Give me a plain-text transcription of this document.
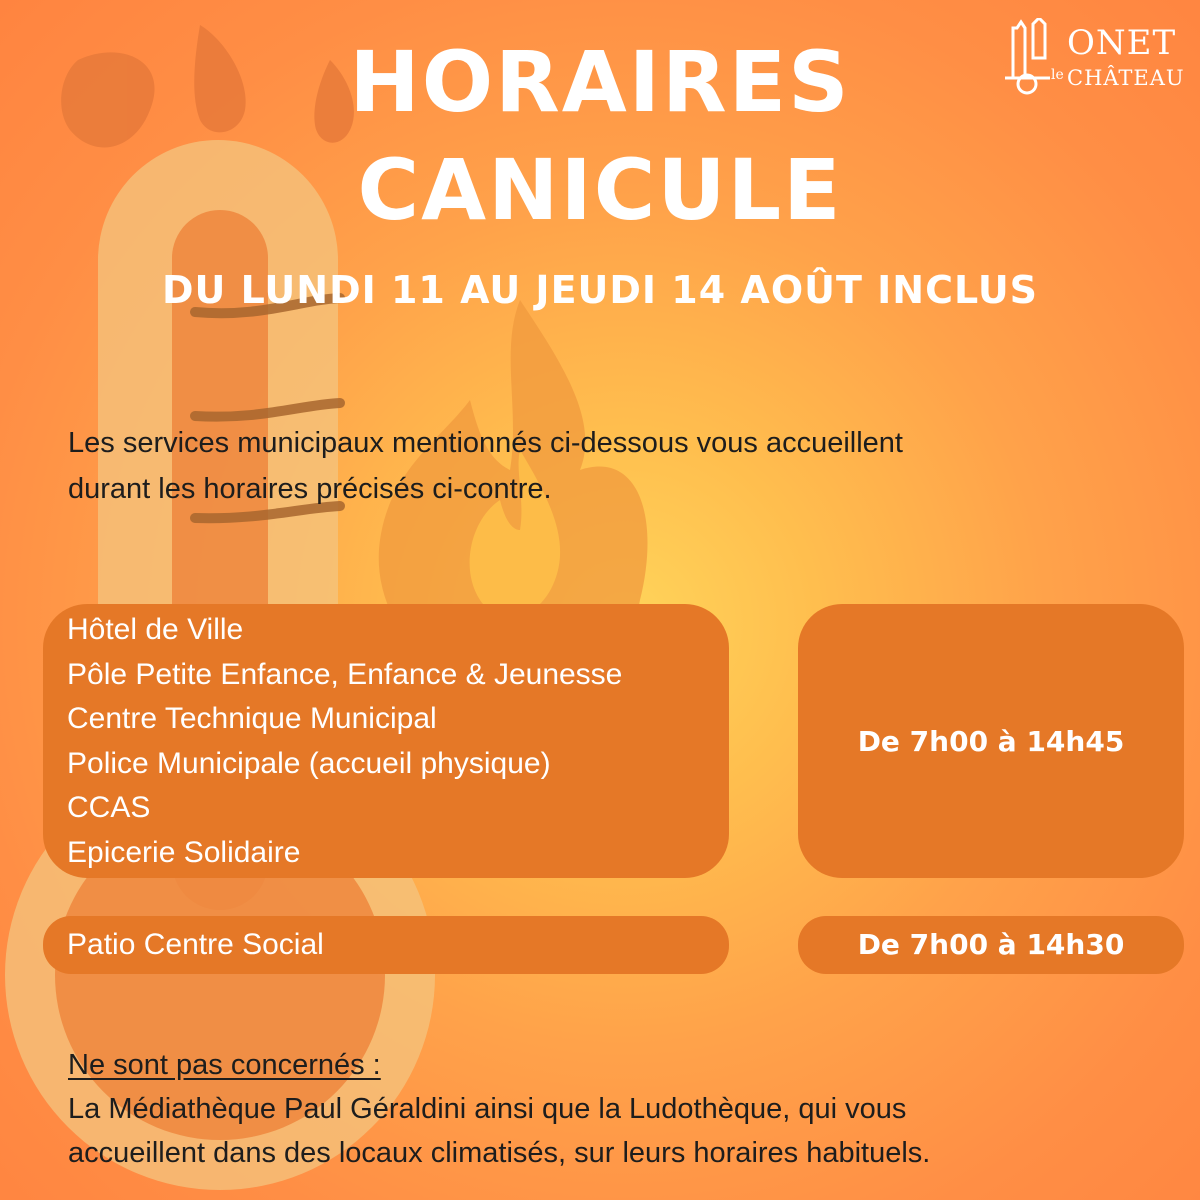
ONET
le CHÂTEAU
HORAIRES
CANICULE
DU LUNDI 11 AU JEUDI 14 AOÛT INCLUS

Les services municipaux mentionnés ci-dessous vous accueillent

durant les horaires précisés ci-contre.

Hôtel de Ville
Pôle Petite Enfance, Enfance & Jeunesse
Centre Technique Municipal
Police Municipale (accueil physique)
CCAS
Epicerie Solidaire
De 7h00 à 14h45
Patio Centre Social	De 7h00 à 14h30
Ne sont pas concernés :
La Médiathèque Paul Géraldini ainsi que la Ludothèque, qui vous
accueillent dans des locaux climatisés, sur leurs horaires habituels.
